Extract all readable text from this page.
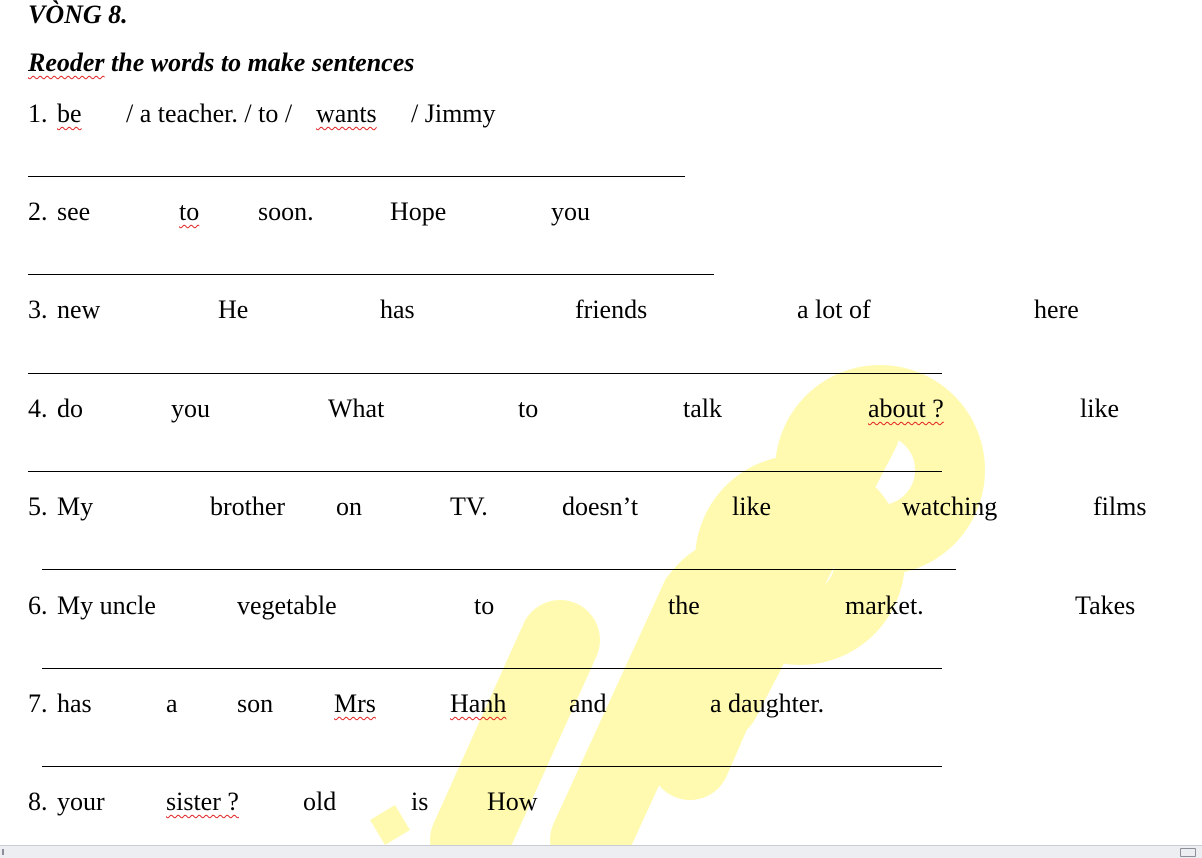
VÒNG 8.
Reoder the words to make sentences
1. be / a teacher. / to / wants / Jimmy
2. see	to soon.	Hope	you
3. new	He	has	friends	a lot of	here
4. do	you	What	to	talk	about ?	like
5. My	brother on	TV.	doesn’t	like	watching	films
6. My uncle	vegetable	to	the	market.	Takes
7. has	a son Mrs	Hanh and	a daughter.
8. your sister ? old	is How
